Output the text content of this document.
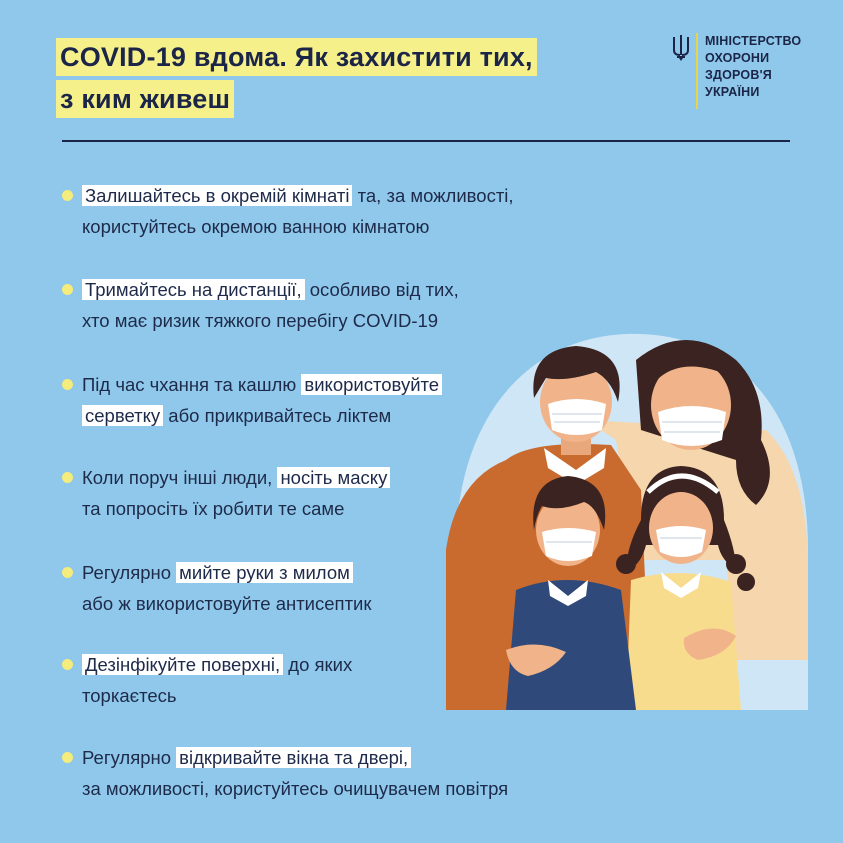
COVID-19 вдома. Як захистити тих,
з ким живеш
МІНІСТЕРСТВО
ОХОРОНИ
ЗДОРОВ'Я
УКРАЇНИ
Залишайтесь в окремій кімнаті та, за можливості,
користуйтесь окремою ванною кімнатою
Тримайтесь на дистанції, особливо від тих,
хто має ризик тяжкого перебігу COVID-19
Під час чхання та кашлю використовуйте
серветку або прикривайтесь ліктем
Коли поруч інші люди, носіть маску
та попросіть їх робити те саме
Регулярно мийте руки з милом
або ж використовуйте антисептик
Дезінфікуйте поверхні, до яких
торкаєтесь
Регулярно відкривайте вікна та двері,
за можливості, користуйтесь очищувачем повітря
